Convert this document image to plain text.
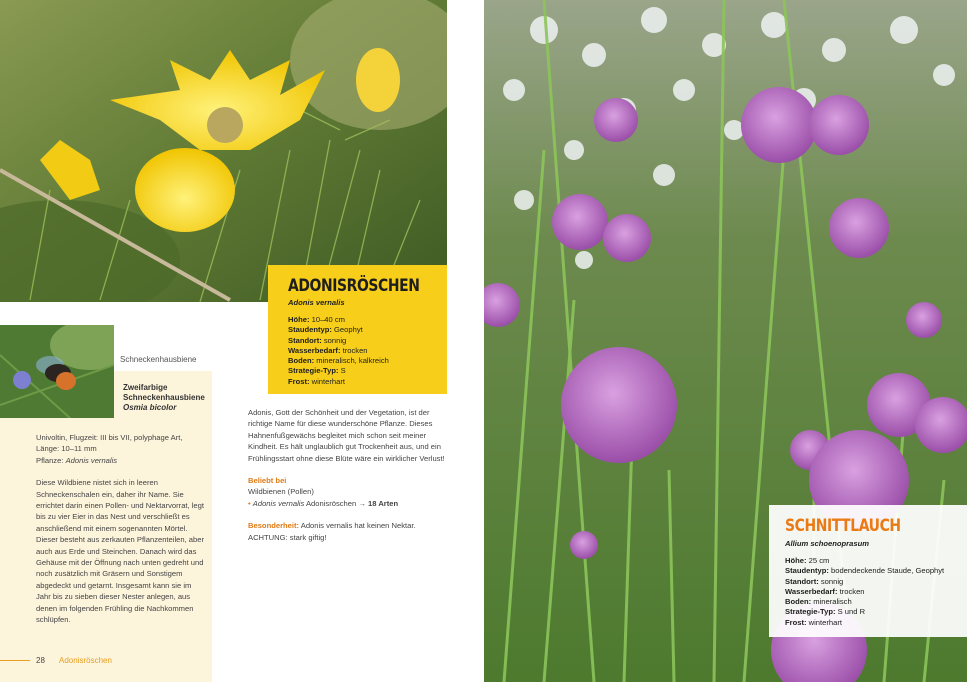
Schneckenhausbiene
Zweifarbige
Schneckenhausbiene
Osmia bicolor

Univoltin, Flugzeit: III bis VII, polyphage Art,
Länge: 10–11 mm
Pflanze: Adonis vernalis

Diese Wildbiene nistet sich in leeren Schneckenschalen ein, daher ihr Name. Sie errichtet darin einen Pollen- und Nektarvorrat, legt bis zu vier Eier in das Nest und verschließt es anschließend mit einem sogenannten Mörtel. Dieser besteht aus zerkauten Pflanzenteilen, aber auch aus Erde und Steinchen. Danach wird das Gehäuse mit der Öffnung nach unten gedreht und noch zusätzlich mit Gräsern und Sonstigem abgedeckt und getarnt. Insgesamt kann sie im Jahr bis zu sieben dieser Nester anlegen, aus denen im folgenden Frühling die Nachkommen schlüpfen.

28 Adonisröschen
ADONISRÖSCHEN
Adonis vernalis
Höhe: 10–40 cm
Staudentyp: Geophyt
Standort: sonnig
Wasserbedarf: trocken
Boden: mineralisch, kalkreich
Strategie-Typ: S
Frost: winterhart
Adonis, Gott der Schönheit und der Vegetation, ist der richtige Name für diese wunderschöne Pflanze. Dieses Hahnenfußgewächs begleitet mich schon seit meiner Kindheit. Es hält unglaublich gut Trockenheit aus, und ein Frühlingsstart ohne diese Blüte wäre ein wirklicher Verlust!
Beliebt bei
Wildbienen (Pollen)
• Adonis vernalis Adonisröschen → 18 Arten
Besonderheit: Adonis vernalis hat keinen Nektar.
ACHTUNG: stark giftig!
SCHNITTLAUCH
Allium schoenoprasum
Höhe: 25 cm
Staudentyp: bodendeckende Staude, Geophyt
Standort: sonnig
Wasserbedarf: trocken
Boden: mineralisch
Strategie-Typ: S und R
Frost: winterhart
